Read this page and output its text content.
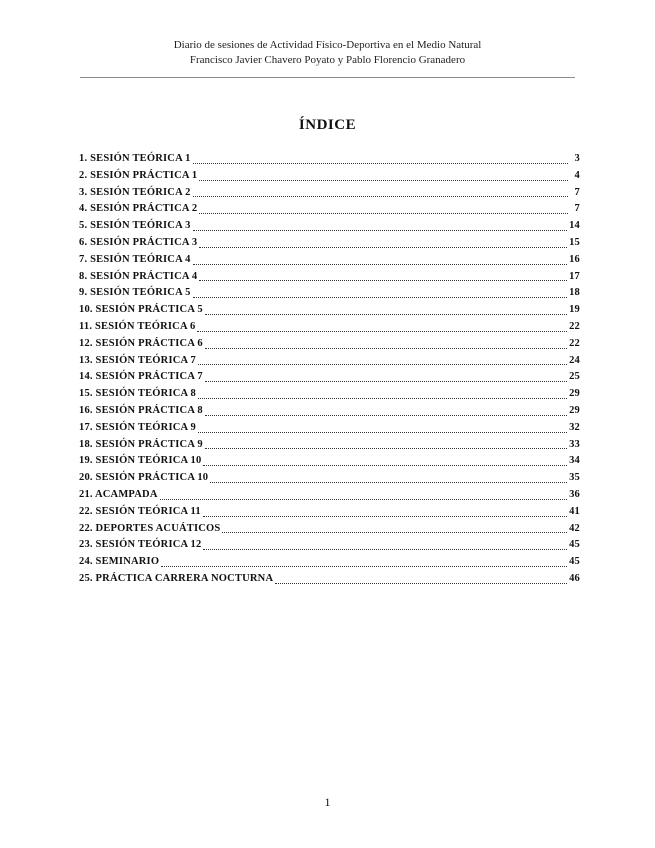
Diario de sesiones de Actividad Físico-Deportiva en el Medio Natural
Francisco Javier Chavero Poyato y Pablo Florencio Granadero
ÍNDICE
1. SESIÓN TEÓRICA 1	3
2. SESIÓN PRÁCTICA 1	4
3. SESIÓN TEÓRICA 2	7
4. SESIÓN PRÁCTICA 2	7
5. SESIÓN TEÓRICA 3	14
6. SESIÓN PRÁCTICA 3	15
7. SESIÓN TEÓRICA 4	16
8. SESIÓN PRÁCTICA 4	17
9. SESIÓN TEÓRICA 5	18
10. SESIÓN PRÁCTICA 5	19
11. SESIÓN TEÓRICA 6	22
12. SESIÓN PRÁCTICA 6	22
13. SESIÓN TEÓRICA 7	24
14. SESIÓN PRÁCTICA 7	25
15. SESIÓN TEÓRICA 8	29
16. SESIÓN PRÁCTICA 8	29
17. SESIÓN TEÓRICA 9	32
18. SESIÓN PRÁCTICA 9	33
19. SESIÓN TEÓRICA 10	34
20. SESIÓN PRÁCTICA 10	35
21. ACAMPADA	36
22. SESIÓN TEÓRICA 11	41
22. DEPORTES ACUÁTICOS	42
23. SESIÓN TEÓRICA 12	45
24. SEMINARIO	45
25. PRÁCTICA CARRERA NOCTURNA	46
1
